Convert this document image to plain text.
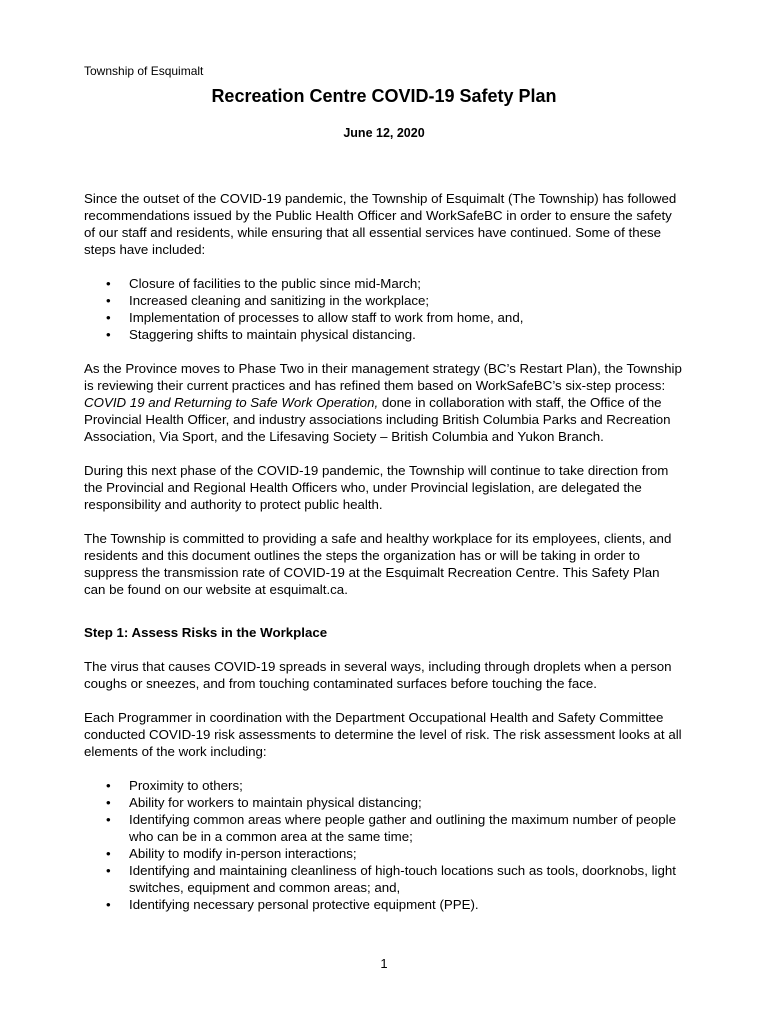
Township of Esquimalt
Recreation Centre COVID-19 Safety Plan
June 12, 2020

Since the outset of the COVID-19 pandemic, the Township of Esquimalt (The Township) has followed recommendations issued by the Public Health Officer and WorkSafeBC in order to ensure the safety of our staff and residents, while ensuring that all essential services have continued. Some of these steps have included:

• Closure of facilities to the public since mid-March;
• Increased cleaning and sanitizing in the workplace;
• Implementation of processes to allow staff to work from home, and,
• Staggering shifts to maintain physical distancing.

As the Province moves to Phase Two in their management strategy (BC’s Restart Plan), the Township is reviewing their current practices and has refined them based on WorkSafeBC’s six-step process: COVID 19 and Returning to Safe Work Operation, done in collaboration with staff, the Office of the Provincial Health Officer, and industry associations including British Columbia Parks and Recreation Association, Via Sport, and the Lifesaving Society – British Columbia and Yukon Branch.

During this next phase of the COVID-19 pandemic, the Township will continue to take direction from the Provincial and Regional Health Officers who, under Provincial legislation, are delegated the responsibility and authority to protect public health.

The Township is committed to providing a safe and healthy workplace for its employees, clients, and residents and this document outlines the steps the organization has or will be taking in order to suppress the transmission rate of COVID-19 at the Esquimalt Recreation Centre. This Safety Plan can be found on our website at esquimalt.ca.

Step 1: Assess Risks in the Workplace

The virus that causes COVID-19 spreads in several ways, including through droplets when a person coughs or sneezes, and from touching contaminated surfaces before touching the face.

Each Programmer in coordination with the Department Occupational Health and Safety Committee conducted COVID-19 risk assessments to determine the level of risk. The risk assessment looks at all elements of the work including:

• Proximity to others;
• Ability for workers to maintain physical distancing;
• Identifying common areas where people gather and outlining the maximum number of people who can be in a common area at the same time;
• Ability to modify in-person interactions;
• Identifying and maintaining cleanliness of high-touch locations such as tools, doorknobs, light switches, equipment and common areas; and,
• Identifying necessary personal protective equipment (PPE).
1
